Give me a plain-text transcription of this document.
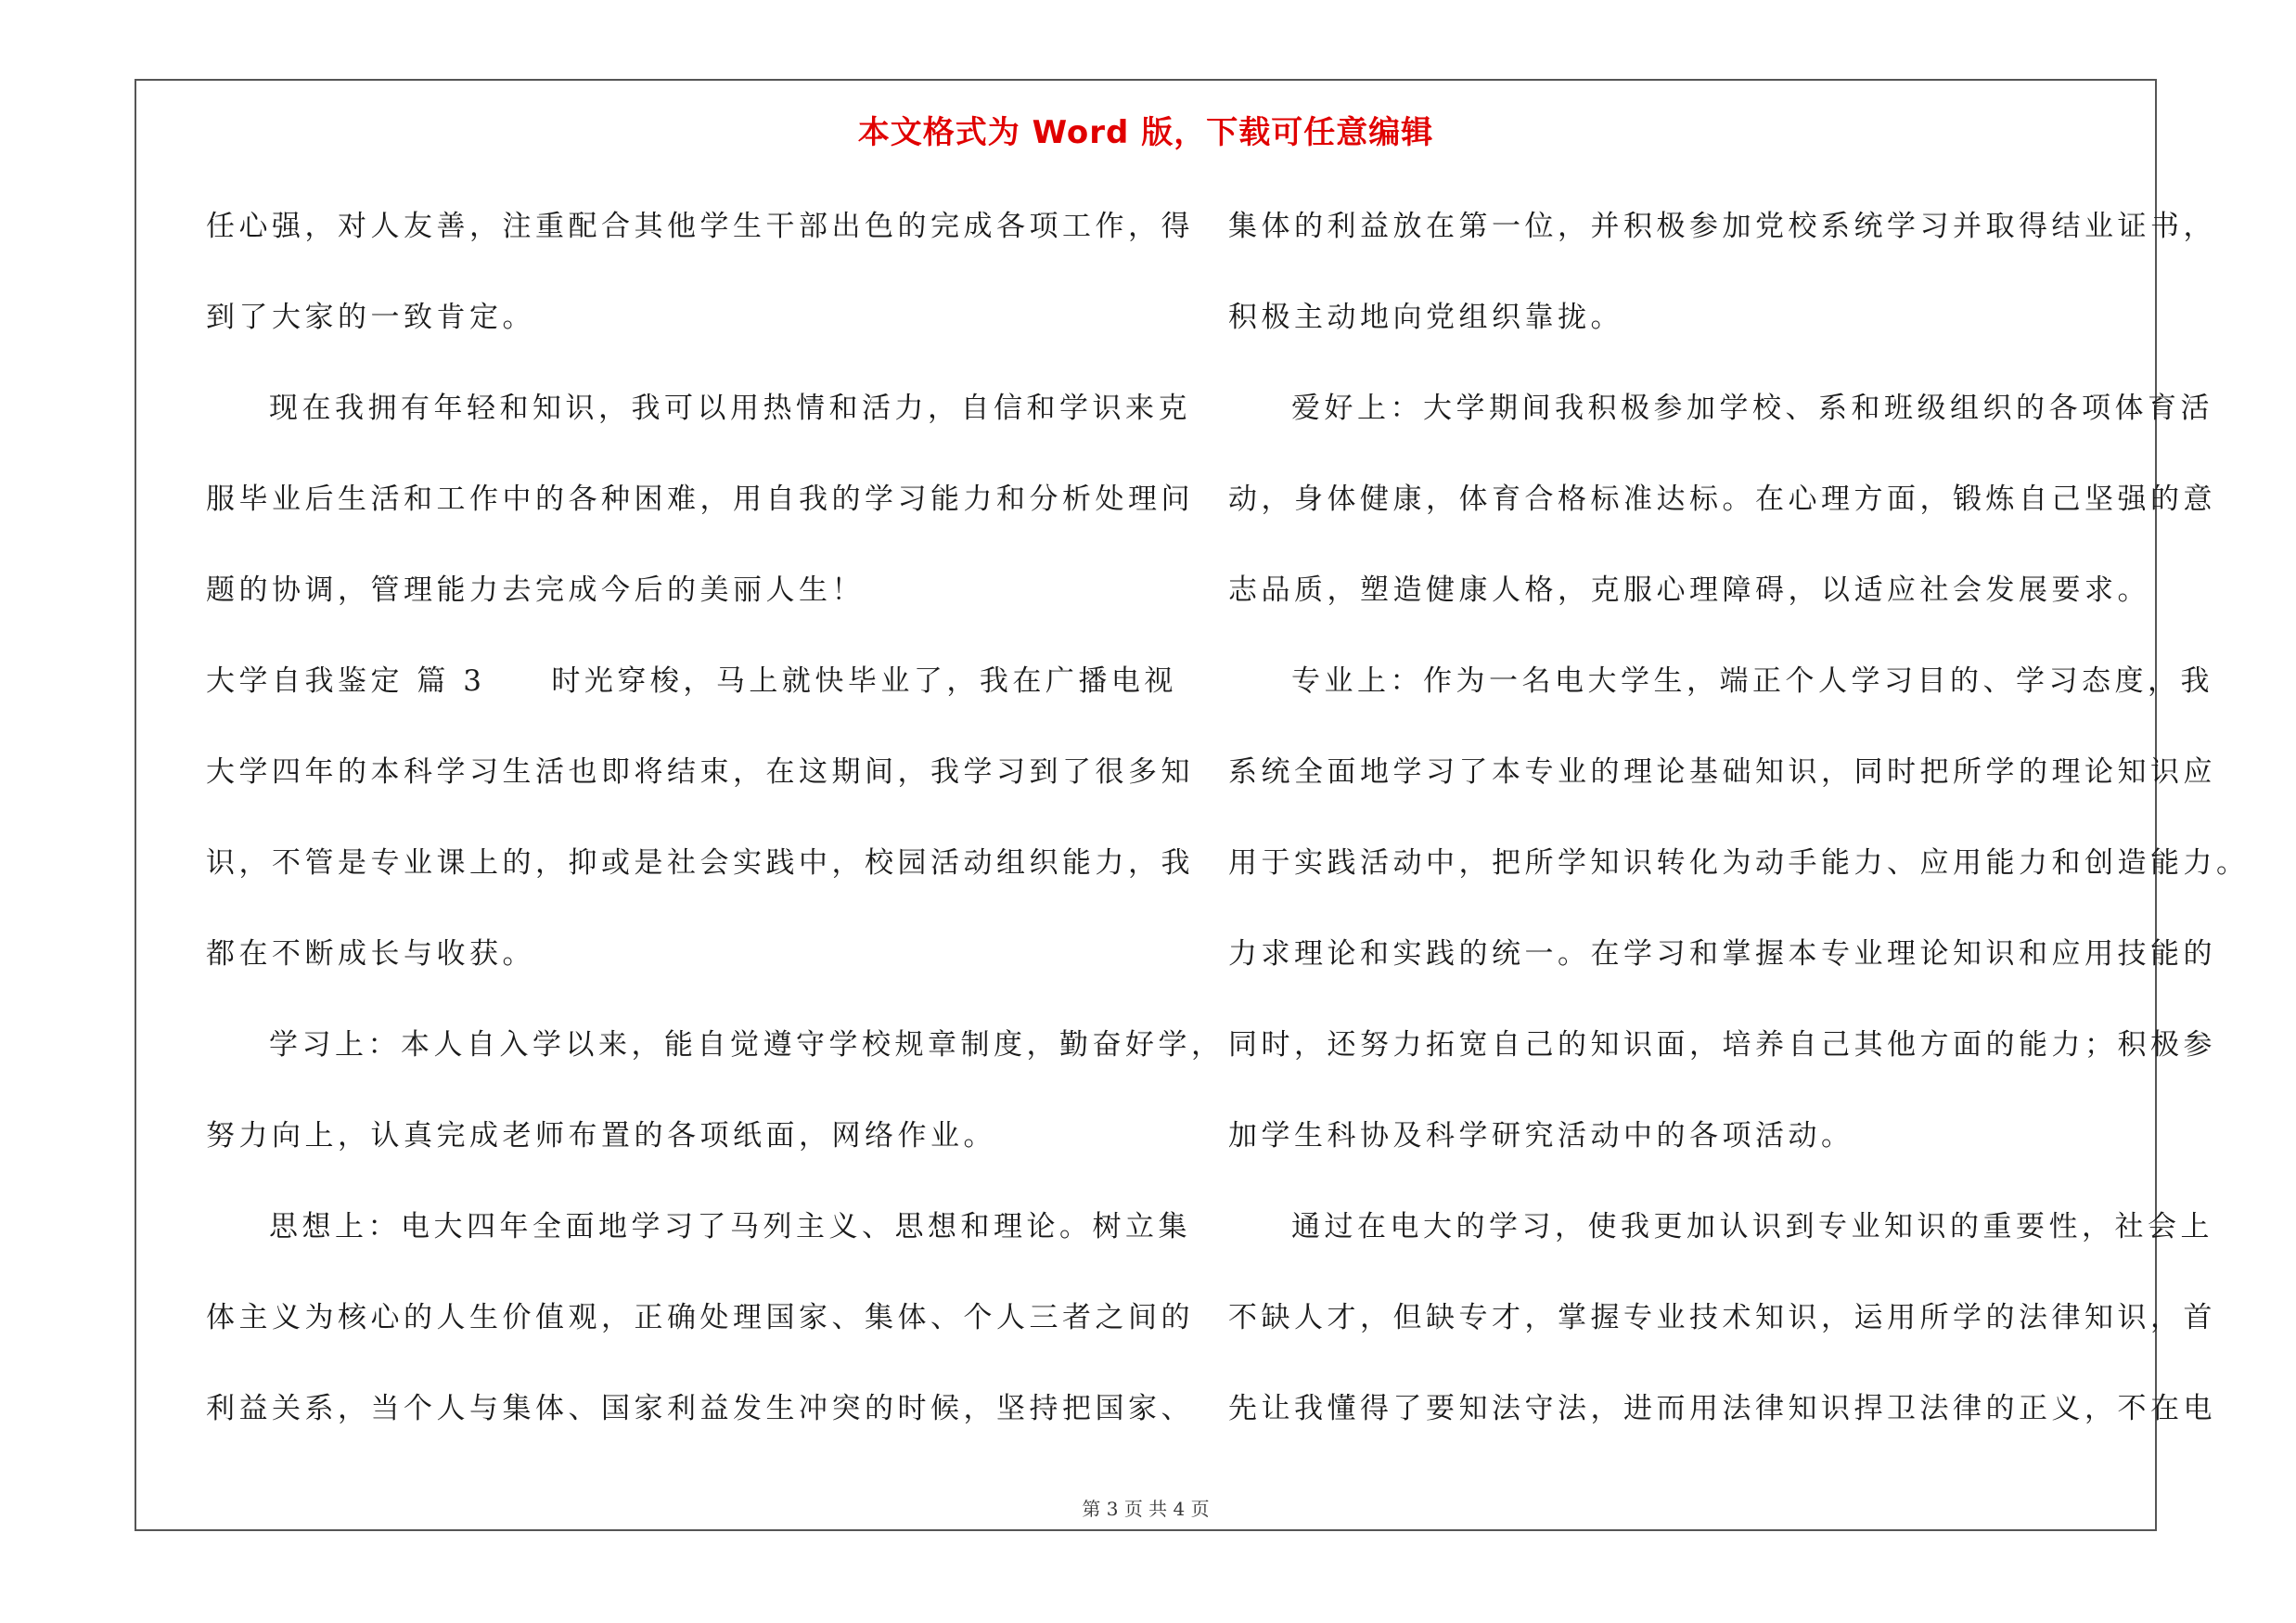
本文格式为 Word 版，下载可任意编辑
任心强，对人友善，注重配合其他学生干部出色的完成各项工作，得
到了大家的一致肯定。
现在我拥有年轻和知识，我可以用热情和活力，自信和学识来克
服毕业后生活和工作中的各种困难，用自我的学习能力和分析处理问
题的协调，管理能力去完成今后的美丽人生！
大学自我鉴定 篇 3　　时光穿梭，马上就快毕业了，我在广播电视
大学四年的本科学习生活也即将结束，在这期间，我学习到了很多知
识，不管是专业课上的，抑或是社会实践中，校园活动组织能力，我
都在不断成长与收获。
学习上：本人自入学以来，能自觉遵守学校规章制度，勤奋好学，
努力向上，认真完成老师布置的各项纸面，网络作业。
思想上：电大四年全面地学习了马列主义、思想和理论。树立集
体主义为核心的人生价值观，正确处理国家、集体、个人三者之间的
利益关系，当个人与集体、国家利益发生冲突的时候，坚持把国家、
集体的利益放在第一位，并积极参加党校系统学习并取得结业证书，
积极主动地向党组织靠拢。
爱好上：大学期间我积极参加学校、系和班级组织的各项体育活
动，身体健康，体育合格标准达标。在心理方面，锻炼自己坚强的意
志品质，塑造健康人格，克服心理障碍，以适应社会发展要求。
专业上：作为一名电大学生，端正个人学习目的、学习态度，我
系统全面地学习了本专业的理论基础知识，同时把所学的理论知识应
用于实践活动中，把所学知识转化为动手能力、应用能力和创造能力。
力求理论和实践的统一。在学习和掌握本专业理论知识和应用技能的
同时，还努力拓宽自己的知识面，培养自己其他方面的能力；积极参
加学生科协及科学研究活动中的各项活动。
通过在电大的学习，使我更加认识到专业知识的重要性，社会上
不缺人才，但缺专才，掌握专业技术知识，运用所学的法律知识，首
先让我懂得了要知法守法，进而用法律知识捍卫法律的正义，不在电
第 3 页 共 4 页
